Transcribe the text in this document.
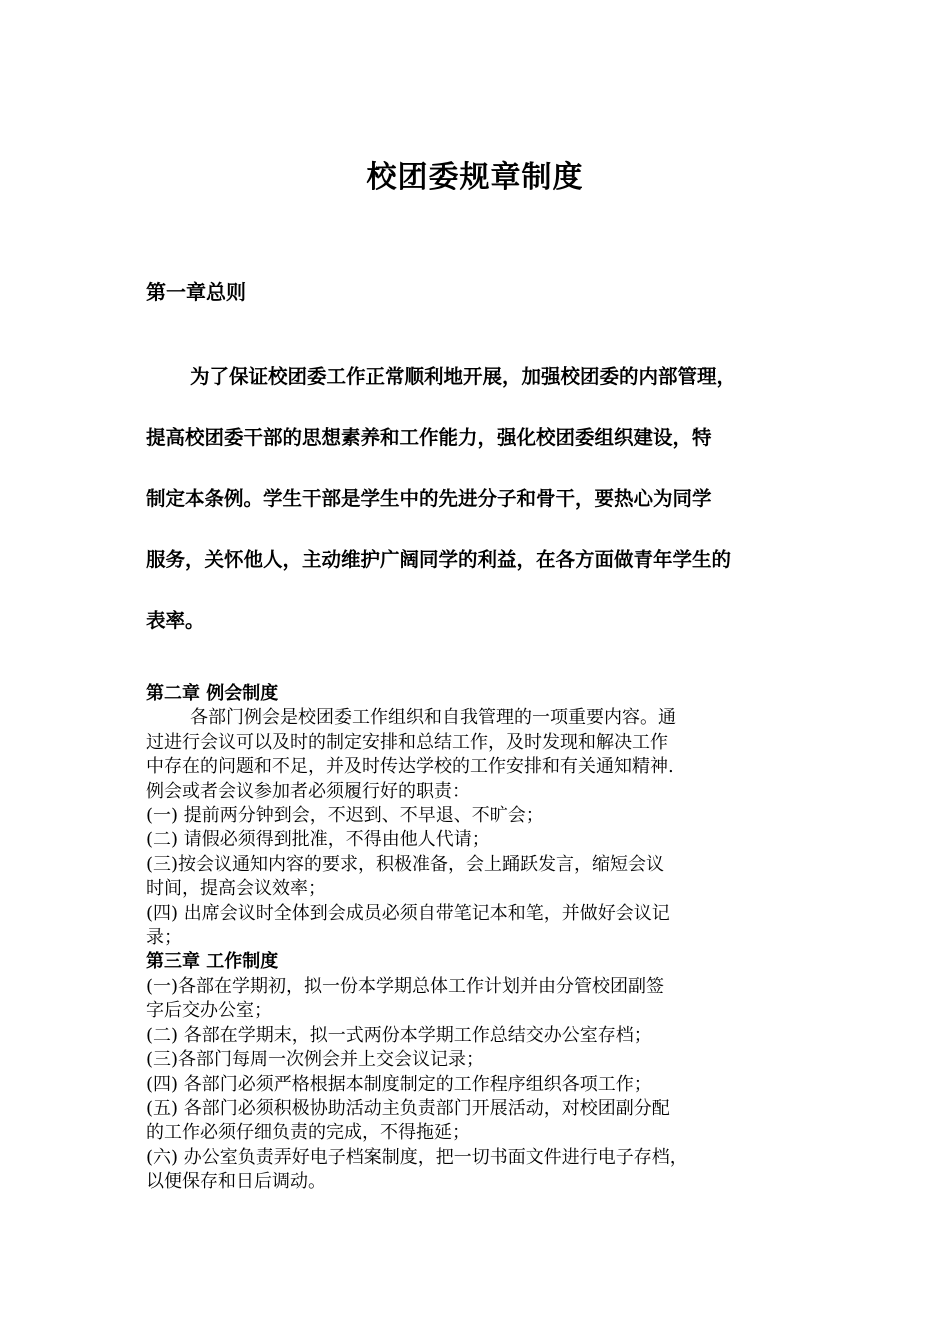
校团委规章制度
第一章总则
为了保证校团委工作正常顺利地开展，加强校团委的内部管理，
提高校团委干部的思想素养和工作能力，强化校团委组织建设，特
制定本条例。学生干部是学生中的先进分子和骨干，要热心为同学
服务，关怀他人，主动维护广阔同学的利益，在各方面做青年学生的
表率。
第二章 例会制度
各部门例会是校团委工作组织和自我管理的一项重要内容。通
过进行会议可以及时的制定安排和总结工作，及时发现和解决工作
中存在的问题和不足，并及时传达学校的工作安排和有关通知精神.
例会或者会议参加者必须履行好的职责：
(一) 提前两分钟到会，不迟到、不早退、不旷会；
(二) 请假必须得到批准，不得由他人代请；
(三)按会议通知内容的要求，积极准备，会上踊跃发言，缩短会议
时间，提高会议效率；
(四) 出席会议时全体到会成员必须自带笔记本和笔，并做好会议记
录；
第三章 工作制度
(一)各部在学期初，拟一份本学期总体工作计划并由分管校团副签
字后交办公室；
(二) 各部在学期末，拟一式两份本学期工作总结交办公室存档；
(三)各部门每周一次例会并上交会议记录；
(四) 各部门必须严格根据本制度制定的工作程序组织各项工作；
(五) 各部门必须积极协助活动主负责部门开展活动，对校团副分配
的工作必须仔细负责的完成，不得拖延；
(六) 办公室负责弄好电子档案制度，把一切书面文件进行电子存档，
以便保存和日后调动。
